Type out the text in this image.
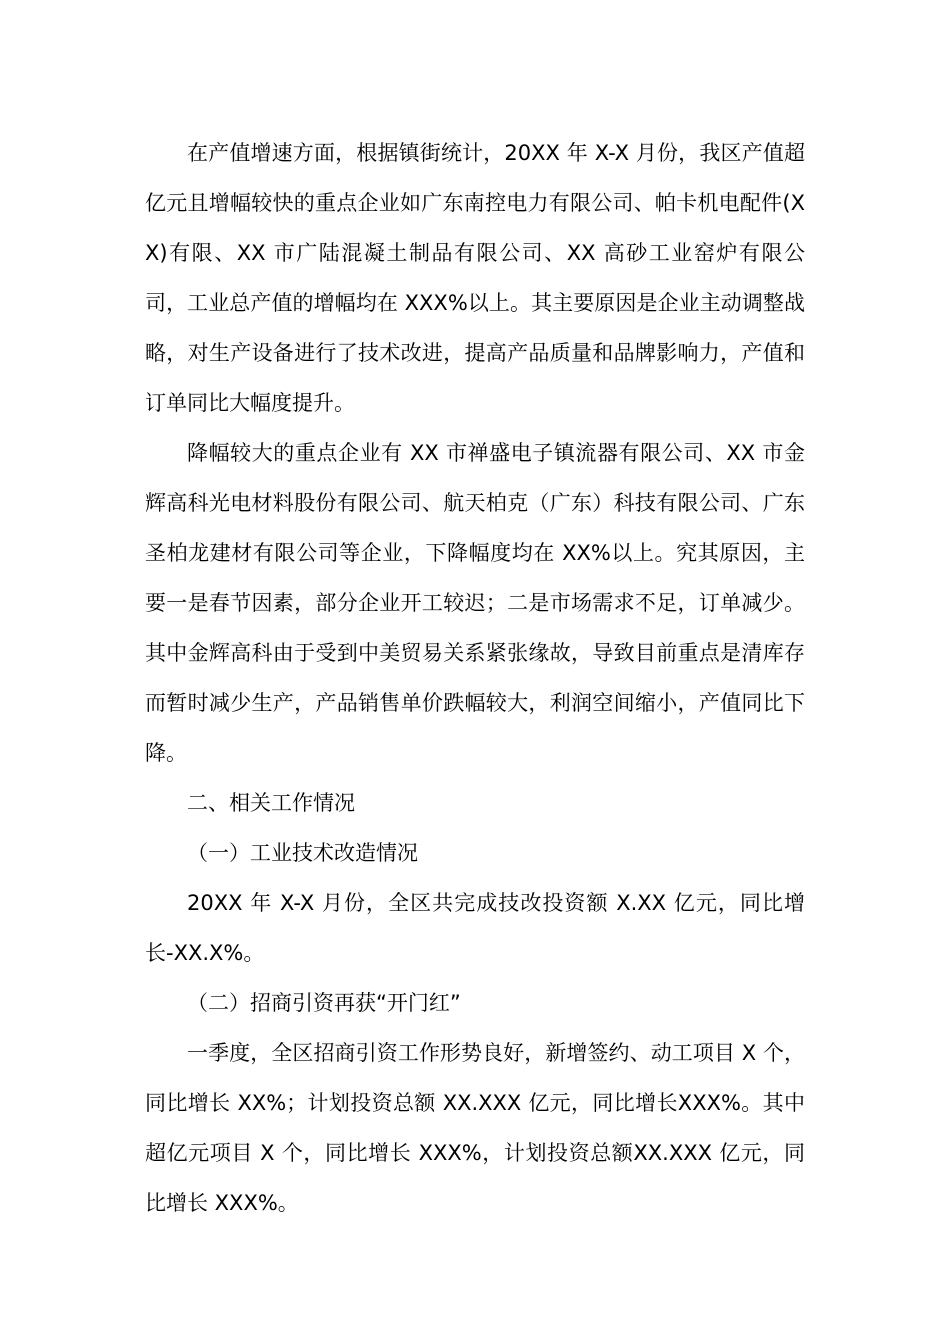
在产值增速方面，根据镇街统计，20XX 年 X-X 月份，我区产值超亿元且增幅较快的重点企业如广东南控电力有限公司、帕卡机电配件(XX)有限、XX 市广陆混凝土制品有限公司、XX 高砂工业窑炉有限公司，工业总产值的增幅均在 XXX%以上。其主要原因是企业主动调整战略，对生产设备进行了技术改进，提高产品质量和品牌影响力，产值和订单同比大幅度提升。

降幅较大的重点企业有 XX 市禅盛电子镇流器有限公司、XX 市金辉高科光电材料股份有限公司、航天柏克（广东）科技有限公司、广东圣柏龙建材有限公司等企业，下降幅度均在 XX%以上。究其原因，主要一是春节因素，部分企业开工较迟；二是市场需求不足，订单减少。 其中金辉高科由于受到中美贸易关系紧张缘故，导致目前重点是清库存而暂时减少生产，产品销售单价跌幅较大，利润空间缩小，产值同比下降。

二、相关工作情况

（一）工业技术改造情况

20XX 年 X-X 月份，全区共完成技改投资额 X.XX 亿元，同比增长-XX.X%。

（二）招商引资再获“开门红”

一季度，全区招商引资工作形势良好，新增签约、动工项目 X 个，同比增长 XX%；计划投资总额 XX.XXX 亿元，同比增长XXX%。其中超亿元项目 X 个，同比增长 XXX%，计划投资总额XX.XXX 亿元，同比增长 XXX%。
